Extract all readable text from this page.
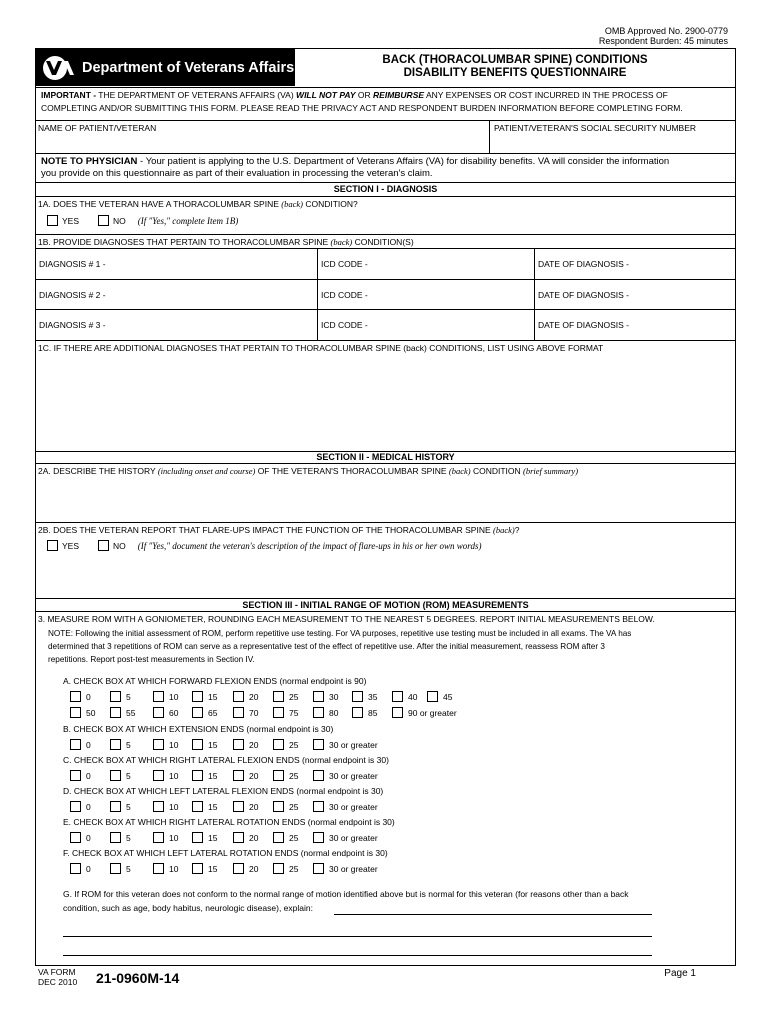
OMB Approved No. 2900-0779
Respondent Burden: 45 minutes
Department of Veterans Affairs	BACK (THORACOLUMBAR SPINE) CONDITIONS
DISABILITY BENEFITS QUESTIONNAIRE
IMPORTANT - THE DEPARTMENT OF VETERANS AFFAIRS (VA) WILL NOT PAY OR REIMBURSE ANY EXPENSES OR COST INCURRED IN THE PROCESS OF
COMPLETING AND/OR SUBMITTING THIS FORM. PLEASE READ THE PRIVACY ACT AND RESPONDENT BURDEN INFORMATION BEFORE COMPLETING FORM.
NAME OF PATIENT/VETERAN	PATIENT/VETERAN'S SOCIAL SECURITY NUMBER
NOTE TO PHYSICIAN - Your patient is applying to the U.S. Department of Veterans Affairs (VA) for disability benefits. VA will consider the information
you provide on this questionnaire as part of their evaluation in processing the veteran's claim.
SECTION I - DIAGNOSIS
1A. DOES THE VETERAN HAVE A THORACOLUMBAR SPINE (back) CONDITION?
YES	NO (If "Yes," complete Item 1B)
1B. PROVIDE DIAGNOSES THAT PERTAIN TO THORACOLUMBAR SPINE (back) CONDITION(S)
DIAGNOSIS # 1 -	ICD CODE -	DATE OF DIAGNOSIS -
DIAGNOSIS # 2 -	ICD CODE -	DATE OF DIAGNOSIS -
DIAGNOSIS # 3 -	ICD CODE -	DATE OF DIAGNOSIS -
1C. IF THERE ARE ADDITIONAL DIAGNOSES THAT PERTAIN TO THORACOLUMBAR SPINE (back) CONDITIONS, LIST USING ABOVE FORMAT
SECTION II - MEDICAL HISTORY
2A. DESCRIBE THE HISTORY (including onset and course) OF THE VETERAN'S THORACOLUMBAR SPINE (back) CONDITION (brief summary)
2B. DOES THE VETERAN REPORT THAT FLARE-UPS IMPACT THE FUNCTION OF THE THORACOLUMBAR SPINE (back)?
YES	NO (If "Yes," document the veteran's description of the impact of flare-ups in his or her own words)
SECTION III - INITIAL RANGE OF MOTION (ROM) MEASUREMENTS
3. MEASURE ROM WITH A GONIOMETER, ROUNDING EACH MEASUREMENT TO THE NEAREST 5 DEGREES. REPORT INITIAL MEASUREMENTS BELOW.
NOTE: Following the initial assessment of ROM, perform repetitive use testing. For VA purposes, repetitive use testing must be included in all exams. The VA has
determined that 3 repetitions of ROM can serve as a representative test of the effect of repetitive use. After the initial measurement, reassess ROM after 3
repetitions. Report post-test measurements in Section IV.
A. CHECK BOX AT WHICH FORWARD FLEXION ENDS (normal endpoint is 90)
0	5	10	15	20	25	30	35	40	45
50	55	60	65	70	75	80	85	90 or greater
B. CHECK BOX AT WHICH EXTENSION ENDS (normal endpoint is 30)
0	5	10	15	20	25	30 or greater
C. CHECK BOX AT WHICH RIGHT LATERAL FLEXION ENDS (normal endpoint is 30)
0	5	10	15	20	25	30 or greater
D. CHECK BOX AT WHICH LEFT LATERAL FLEXION ENDS (normal endpoint is 30)
0	5	10	15	20	25	30 or greater
E. CHECK BOX AT WHICH RIGHT LATERAL ROTATION ENDS (normal endpoint is 30)
0	5	10	15	20	25	30 or greater
F. CHECK BOX AT WHICH LEFT LATERAL ROTATION ENDS (normal endpoint is 30)
0	5	10	15	20	25	30 or greater
G. If ROM for this veteran does not conform to the normal range of motion identified above but is normal for this veteran (for reasons other than a back
condition, such as age, body habitus, neurologic disease), explain:
VA FORM
DEC 2010 21-0960M-14	Page 1
